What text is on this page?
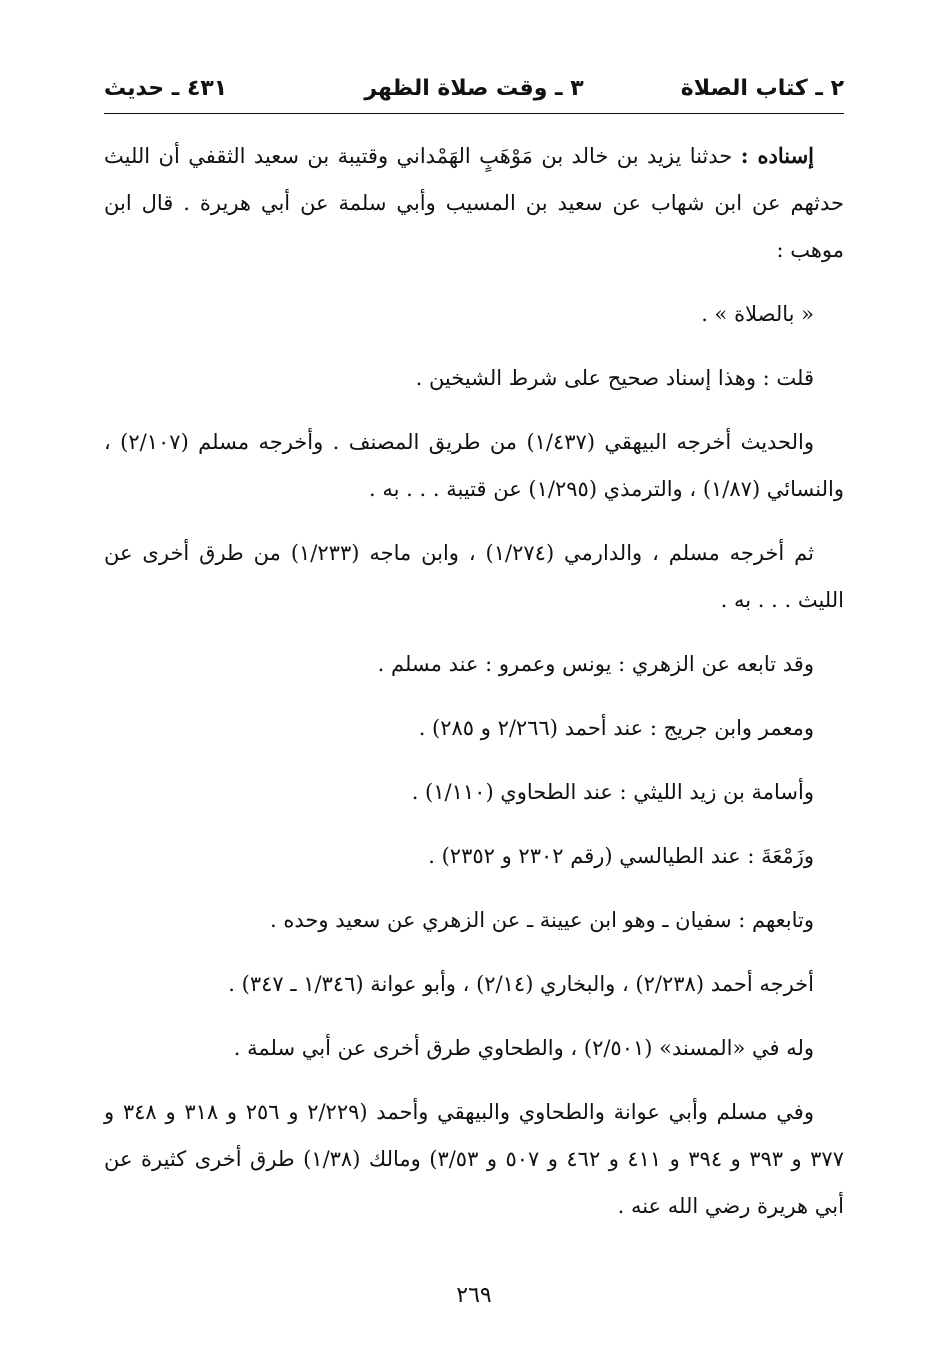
٢ ـ كتاب الصلاة
٣ ـ وقت صلاة الظهر
٤٣١ ـ حديث

إسناده : حدثنا يزيد بن خالد بن مَوْهَبٍ الهَمْداني وقتيبة بن سعيد الثقفي أن الليث حدثهم عن ابن شهاب عن سعيد بن المسيب وأبي سلمة عن أبي هريرة . قال ابن موهب :

« بالصلاة » .

قلت : وهذا إسناد صحيح على شرط الشيخين .

والحديث أخرجه البيهقي (١/٤٣٧) من طريق المصنف . وأخرجه مسلم (٢/١٠٧) ، والنسائي (١/٨٧) ، والترمذي (١/٢٩٥) عن قتيبة . . . به .

ثم أخرجه مسلم ، والدارمي (١/٢٧٤) ، وابن ماجه (١/٢٣٣) من طرق أخرى عن الليث . . . به .

وقد تابعه عن الزهري : يونس وعمرو : عند مسلم .

ومعمر وابن جريج : عند أحمد (٢/٢٦٦ و ٢٨٥) .

وأسامة بن زيد الليثي : عند الطحاوي (١/١١٠) .

وزَمْعَةَ : عند الطيالسي (رقم ٢٣٠٢ و ٢٣٥٢) .

وتابعهم : سفيان ـ وهو ابن عيينة ـ عن الزهري عن سعيد وحده .

أخرجه أحمد (٢/٢٣٨) ، والبخاري (٢/١٤) ، وأبو عوانة (١/٣٤٦ ـ ٣٤٧) .

وله في «المسند» (٢/٥٠١) ، والطحاوي طرق أخرى عن أبي سلمة .

وفي مسلم وأبي عوانة والطحاوي والبيهقي وأحمد (٢/٢٢٩ و ٢٥٦ و ٣١٨ و ٣٤٨ و ٣٧٧ و ٣٩٣ و ٣٩٤ و ٤١١ و ٤٦٢ و ٥٠٧ و ٣/٥٣) ومالك (١/٣٨) طرق أخرى كثيرة عن أبي هريرة رضي الله عنه .

٢٦٩
